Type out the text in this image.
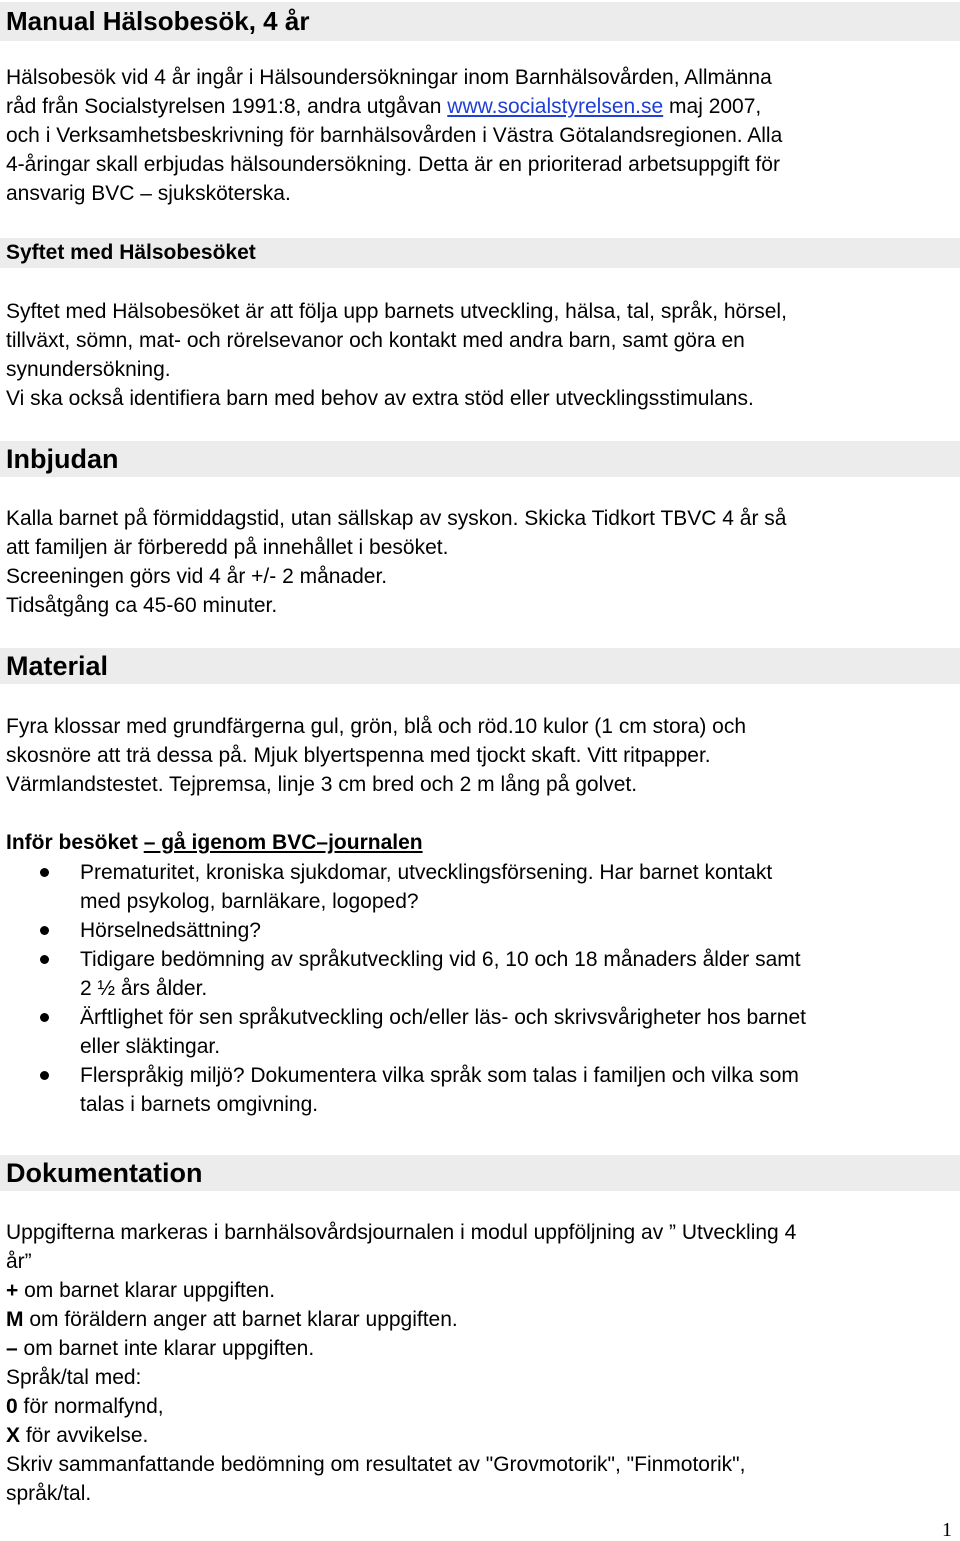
Manual Hälsobesök, 4 år
Hälsobesök vid 4 år ingår i Hälsoundersökningar inom Barnhälsovården, Allmänna
råd från Socialstyrelsen 1991:8, andra utgåvan www.socialstyrelsen.se maj 2007,
och i Verksamhetsbeskrivning för barnhälsovården i Västra Götalandsregionen. Alla
4-åringar skall erbjudas hälsoundersökning. Detta är en prioriterad arbetsuppgift för
ansvarig BVC – sjuksköterska.
Syftet med Hälsobesöket
Syftet med Hälsobesöket är att följa upp barnets utveckling, hälsa, tal, språk, hörsel,
tillväxt, sömn, mat- och rörelsevanor och kontakt med andra barn, samt göra en
synundersökning.
Vi ska också identifiera barn med behov av extra stöd eller utvecklingsstimulans.
Inbjudan
Kalla barnet på förmiddagstid, utan sällskap av syskon. Skicka Tidkort TBVC 4 år så
att familjen är förberedd på innehållet i besöket.
Screeningen görs vid 4 år +/- 2 månader.
Tidsåtgång ca 45-60 minuter.
Material
Fyra klossar med grundfärgerna gul, grön, blå och röd.10 kulor (1 cm stora) och
skosnöre att trä dessa på. Mjuk blyertspenna med tjockt skaft. Vitt ritpapper.
Värmlandstestet. Tejpremsa, linje 3 cm bred och 2 m lång på golvet.
Inför besöket – gå igenom BVC–journalen
Prematuritet, kroniska sjukdomar, utvecklingsförsening. Har barnet kontakt
med psykolog, barnläkare, logoped?
Hörselnedsättning?
Tidigare bedömning av språkutveckling vid 6, 10 och 18 månaders ålder samt
2 ½ års ålder.
Ärftlighet för sen språkutveckling och/eller läs- och skrivsvårigheter hos barnet
eller släktingar.
Flerspråkig miljö? Dokumentera vilka språk som talas i familjen och vilka som
talas i barnets omgivning.
Dokumentation
Uppgifterna markeras i barnhälsovårdsjournalen i modul uppföljning av ” Utveckling 4
år”
+ om barnet klarar uppgiften.
M om föräldern anger att barnet klarar uppgiften.
– om barnet inte klarar uppgiften.
Språk/tal med:
0 för normalfynd,
X för avvikelse.
Skriv sammanfattande bedömning om resultatet av "Grovmotorik", "Finmotorik",
språk/tal.
1
